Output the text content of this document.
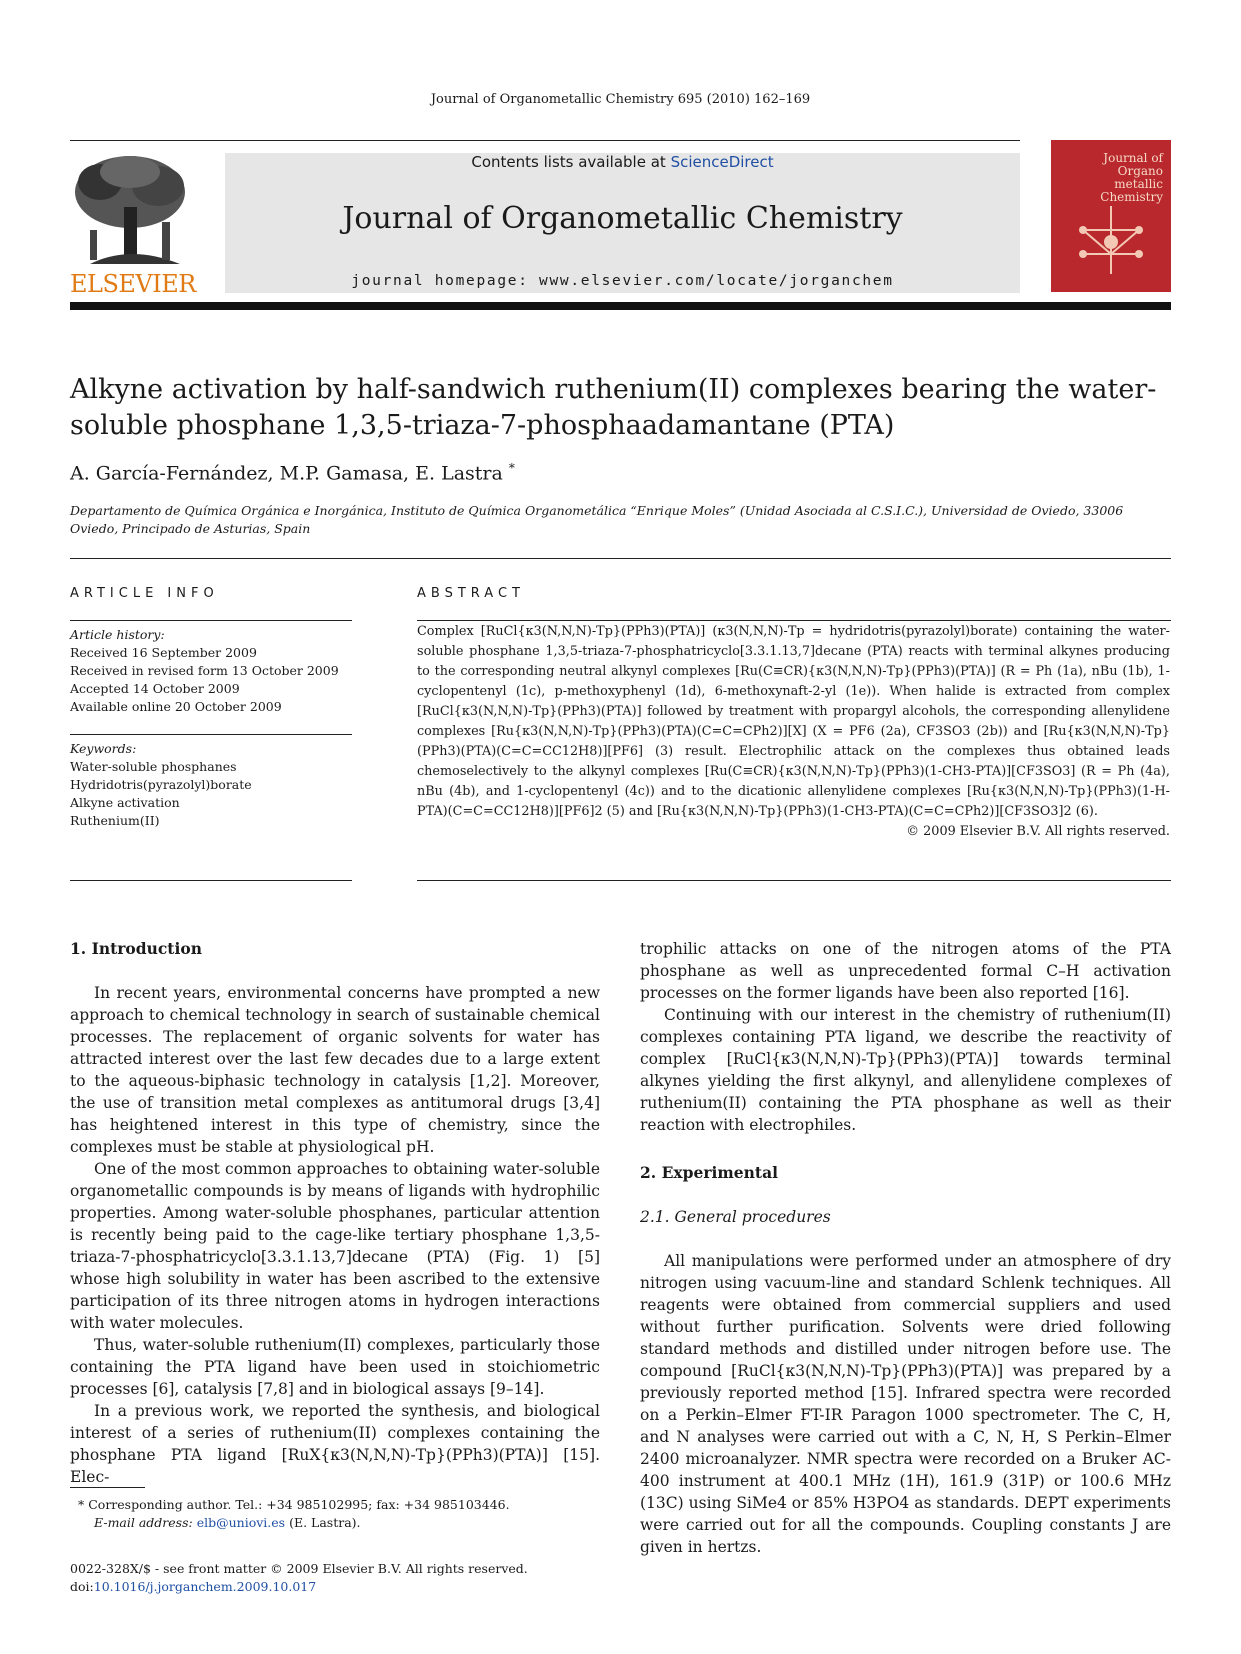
Journal of Organometallic Chemistry 695 (2010) 162–169
ELSEVIER
Contents lists available at ScienceDirect
Journal of Organometallic Chemistry
journal homepage: www.elsevier.com/locate/jorganchem
Journal of Organo metallic Chemistry
Alkyne activation by half-sandwich ruthenium(II) complexes bearing the water-soluble phosphane 1,3,5-triaza-7-phosphaadamantane (PTA)
A. García-Fernández, M.P. Gamasa, E. Lastra *
Departamento de Química Orgánica e Inorgánica, Instituto de Química Organometálica “Enrique Moles” (Unidad Asociada al C.S.I.C.), Universidad de Oviedo, 33006 Oviedo, Principado de Asturias, Spain
ARTICLE INFO
Article history:
Received 16 September 2009
Received in revised form 13 October 2009
Accepted 14 October 2009
Available online 20 October 2009
Keywords:
Water-soluble phosphanes
Hydridotris(pyrazolyl)borate
Alkyne activation
Ruthenium(II)
ABSTRACT

Complex [RuCl{κ3(N,N,N)-Tp}(PPh3)(PTA)] (κ3(N,N,N)-Tp = hydridotris(pyrazolyl)borate) containing the water-soluble phosphane 1,3,5-triaza-7-phosphatricyclo[3.3.1.13,7]decane (PTA) reacts with terminal alkynes producing to the corresponding neutral alkynyl complexes [Ru(C≡CR){κ3(N,N,N)-Tp}(PPh3)(PTA)] (R = Ph (1a), nBu (1b), 1-cyclopentenyl (1c), p-methoxyphenyl (1d), 6-methoxynaft-2-yl (1e)). When halide is extracted from complex [RuCl{κ3(N,N,N)-Tp}(PPh3)(PTA)] followed by treatment with propargyl alcohols, the corresponding allenylidene complexes [Ru{κ3(N,N,N)-Tp}(PPh3)(PTA)(C=C=CPh2)][X] (X = PF6 (2a), CF3SO3 (2b)) and [Ru{κ3(N,N,N)-Tp}(PPh3)(PTA)(C=C=CC12H8)][PF6] (3) result. Electrophilic attack on the complexes thus obtained leads chemoselectively to the alkynyl complexes [Ru(C≡CR){κ3(N,N,N)-Tp}(PPh3)(1-CH3-PTA)][CF3SO3] (R = Ph (4a), nBu (4b), and 1-cyclopentenyl (4c)) and to the dicationic allenylidene complexes [Ru{κ3(N,N,N)-Tp}(PPh3)(1-H-PTA)(C=C=CC12H8)][PF6]2 (5) and [Ru{κ3(N,N,N)-Tp}(PPh3)(1-CH3-PTA)(C=C=CPh2)][CF3SO3]2 (6).

© 2009 Elsevier B.V. All rights reserved.

1. Introduction

In recent years, environmental concerns have prompted a new approach to chemical technology in search of sustainable chemical processes. The replacement of organic solvents for water has attracted interest over the last few decades due to a large extent to the aqueous-biphasic technology in catalysis [1,2]. Moreover, the use of transition metal complexes as antitumoral drugs [3,4] has heightened interest in this type of chemistry, since the complexes must be stable at physiological pH.

One of the most common approaches to obtaining water-soluble organometallic compounds is by means of ligands with hydrophilic properties. Among water-soluble phosphanes, particular attention is recently being paid to the cage-like tertiary phosphane 1,3,5-triaza-7-phosphatricyclo[3.3.1.13,7]decane (PTA) (Fig. 1) [5] whose high solubility in water has been ascribed to the extensive participation of its three nitrogen atoms in hydrogen interactions with water molecules.

Thus, water-soluble ruthenium(II) complexes, particularly those containing the PTA ligand have been used in stoichiometric processes [6], catalysis [7,8] and in biological assays [9–14].

In a previous work, we reported the synthesis, and biological interest of a series of ruthenium(II) complexes containing the phosphane PTA ligand [RuX{κ3(N,N,N)-Tp}(PPh3)(PTA)] [15]. Elec-

* Corresponding author. Tel.: +34 985102995; fax: +34 985103446.
E-mail address: elb@uniovi.es (E. Lastra).
0022-328X/$ - see front matter © 2009 Elsevier B.V. All rights reserved.
doi:10.1016/j.jorganchem.2009.10.017

trophilic attacks on one of the nitrogen atoms of the PTA phosphane as well as unprecedented formal C–H activation processes on the former ligands have been also reported [16].

Continuing with our interest in the chemistry of ruthenium(II) complexes containing PTA ligand, we describe the reactivity of complex [RuCl{κ3(N,N,N)-Tp}(PPh3)(PTA)] towards terminal alkynes yielding the first alkynyl, and allenylidene complexes of ruthenium(II) containing the PTA phosphane as well as their reaction with electrophiles.

2. Experimental
2.1. General procedures

All manipulations were performed under an atmosphere of dry nitrogen using vacuum-line and standard Schlenk techniques. All reagents were obtained from commercial suppliers and used without further purification. Solvents were dried following standard methods and distilled under nitrogen before use. The compound [RuCl{κ3(N,N,N)-Tp}(PPh3)(PTA)] was prepared by a previously reported method [15]. Infrared spectra were recorded on a Perkin–Elmer FT-IR Paragon 1000 spectrometer. The C, H, and N analyses were carried out with a C, N, H, S Perkin–Elmer 2400 microanalyzer. NMR spectra were recorded on a Bruker AC-400 instrument at 400.1 MHz (1H), 161.9 (31P) or 100.6 MHz (13C) using SiMe4 or 85% H3PO4 as standards. DEPT experiments were carried out for all the compounds. Coupling constants J are given in hertzs.
